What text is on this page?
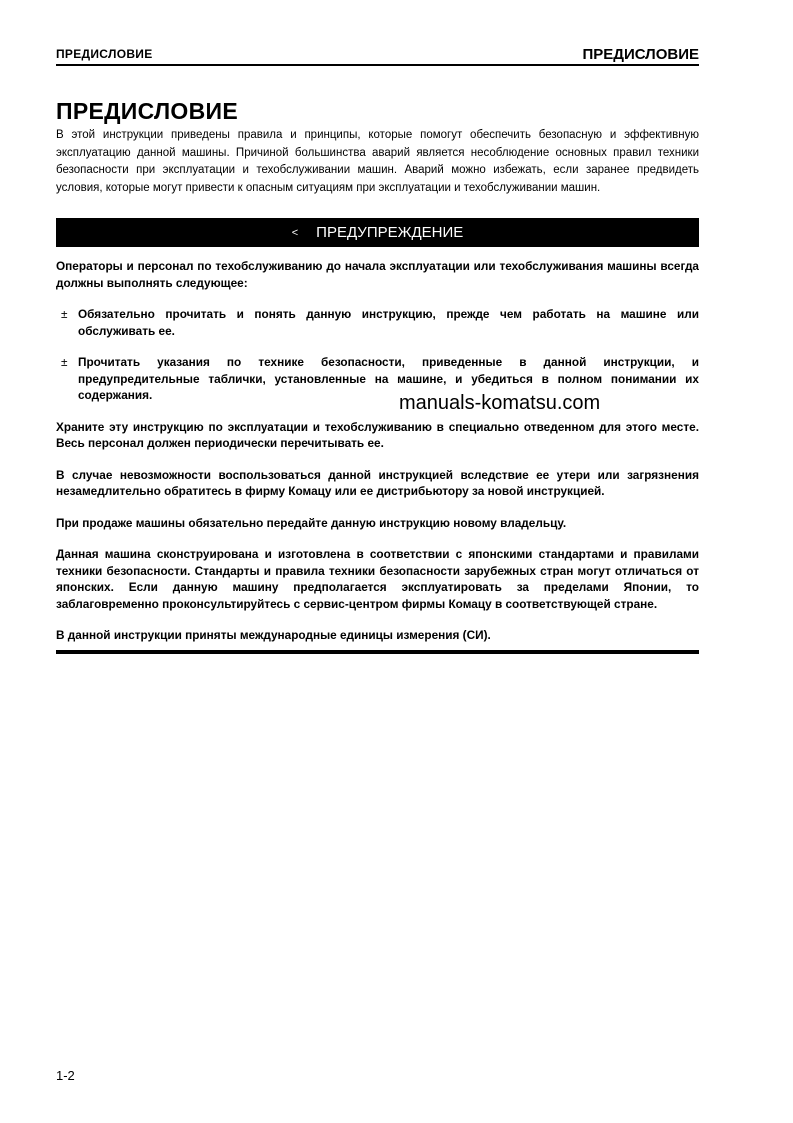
ПРЕДИСЛОВИЕ	ПРЕДИСЛОВИЕ
ПРЕДИСЛОВИЕ
В этой инструкции приведены правила и принципы, которые помогут обеспечить безопасную и эффективную эксплуатацию данной машины. Причиной большинства аварий является несоблюдение основных правил техники безопасности при эксплуатации и техобслуживании машин. Аварий можно избежать, если заранее предвидеть условия, которые могут привести к опасным ситуациям при эксплуатации и техобслуживании машин.
< ПРЕДУПРЕЖДЕНИЕ

Операторы и персонал по техобслуживанию до начала эксплуатации или техобслуживания машины всегда должны выполнять следующее:

± Обязательно прочитать и понять данную инструкцию, прежде чем работать на машине или обслуживать ее.
± Прочитать указания по технике безопасности, приведенные в данной инструкции, и предупредительные таблички, установленные на машине, и убедиться в полном понимании их содержания.

Храните эту инструкцию по эксплуатации и техобслуживанию в специально отведенном для этого месте. Весь персонал должен периодически перечитывать ее.

В случае невозможности воспользоваться данной инструкцией вследствие ее утери или загрязнения незамедлительно обратитесь в фирму Комацу или ее дистрибьютору за новой инструкцией.

При продаже машины обязательно передайте данную инструкцию новому владельцу.

Данная машина сконструирована и изготовлена в соответствии с японскими стандартами и правилами техники безопасности. Стандарты и правила техники безопасности зарубежных стран могут отличаться от японских. Если данную машину предполагается эксплуатировать за пределами Японии, то заблаговременно проконсультируйтесь с сервис-центром фирмы Комацу в соответствующей стране.

В данной инструкции приняты международные единицы измерения (СИ).

manuals-komatsu.com
1-2
